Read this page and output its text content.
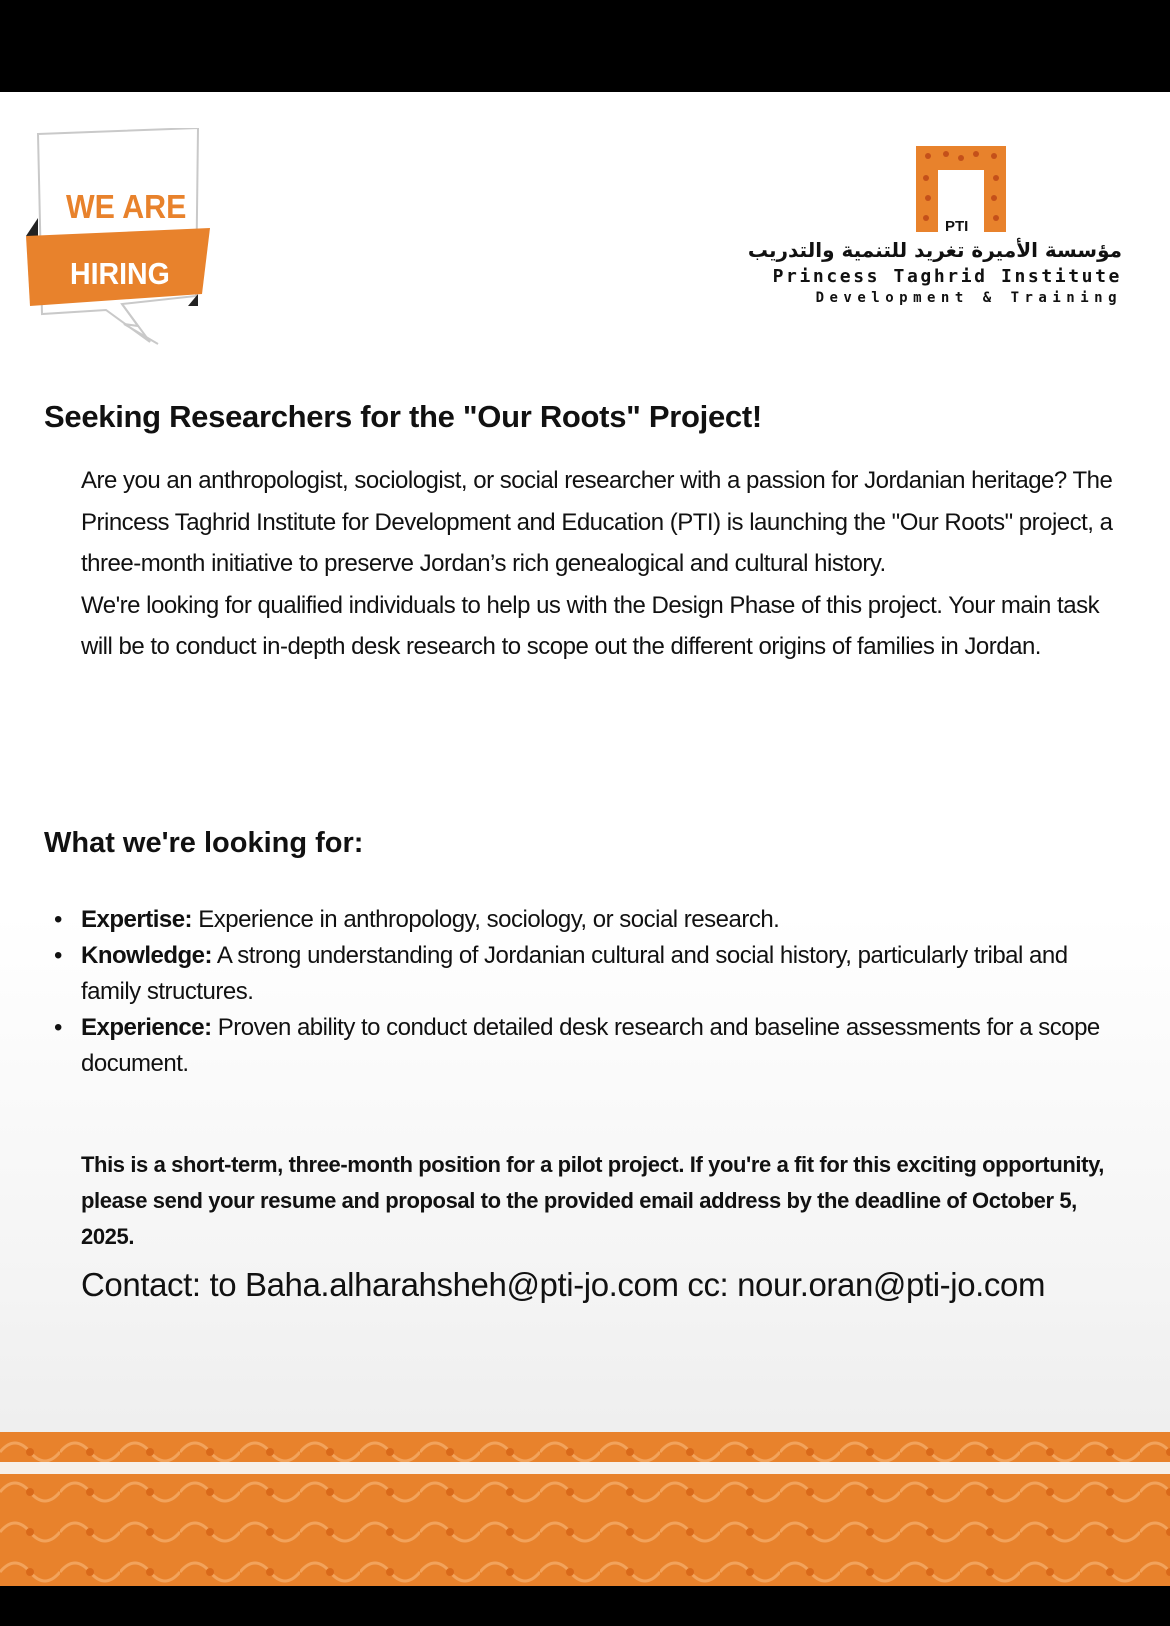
WE ARE
HIRING
PTI
مؤسسة الأميرة تغريد للتنمية والتدريب
Princess Taghrid Institute
Development & Training
Seeking Researchers for the "Our Roots" Project!

Are you an anthropologist, sociologist, or social researcher with a passion for Jordanian heritage? The Princess Taghrid Institute for Development and Education (PTI) is launching the "Our Roots" project, a three-month initiative to preserve Jordan’s rich genealogical and cultural history.

We're looking for qualified individuals to help us with the Design Phase of this project. Your main task will be to conduct in-depth desk research to scope out the different origins of families in Jordan.

What we're looking for:
• Expertise: Experience in anthropology, sociology, or social research.
• Knowledge: A strong understanding of Jordanian cultural and social history, particularly tribal and family structures.
• Experience: Proven ability to conduct detailed desk research and baseline assessments for a scope document.
This is a short-term, three-month position for a pilot project. If you're a fit for this exciting opportunity, please send your resume and proposal to the provided email address by the deadline of October 5, 2025.
Contact: to Baha.alharahsheh@pti-jo.com cc: nour.oran@pti-jo.com
